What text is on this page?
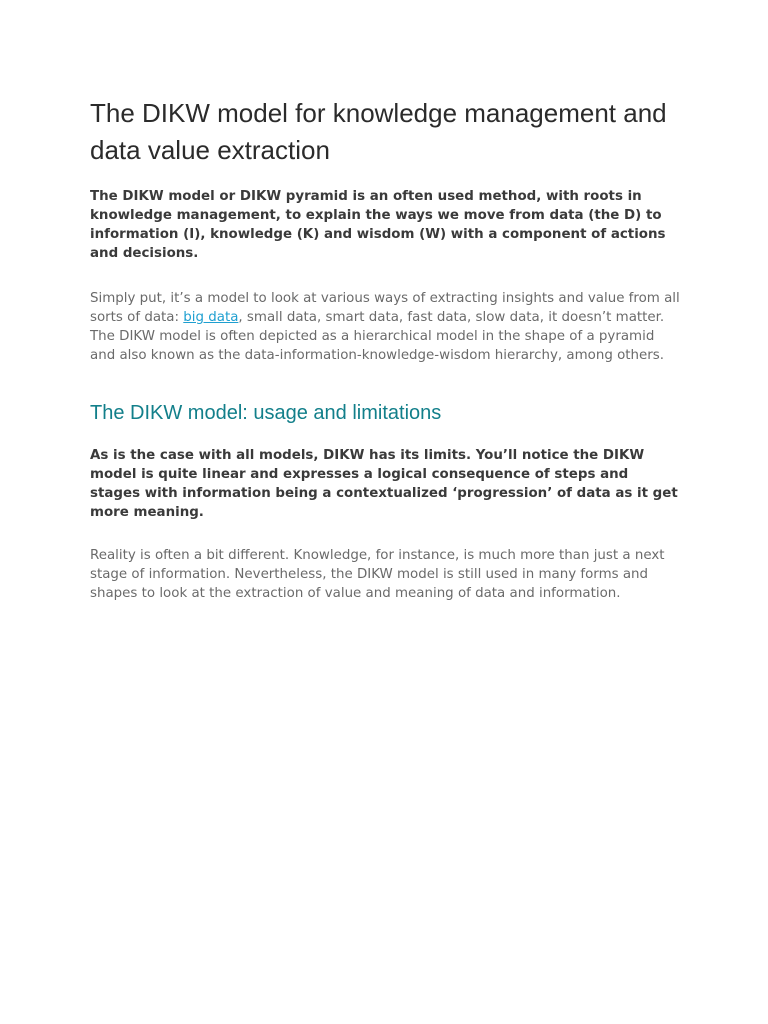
The DIKW model for knowledge management and data value extraction

The DIKW model or DIKW pyramid is an often used method, with roots in knowledge management, to explain the ways we move from data (the D) to information (I), knowledge (K) and wisdom (W) with a component of actions and decisions.

Simply put, it’s a model to look at various ways of extracting insights and value from all sorts of data: big data, small data, smart data, fast data, slow data, it doesn’t matter. The DIKW model is often depicted as a hierarchical model in the shape of a pyramid and also known as the data-information-knowledge-wisdom hierarchy, among others.

The DIKW model: usage and limitations

As is the case with all models, DIKW has its limits. You’ll notice the DIKW model is quite linear and expresses a logical consequence of steps and stages with information being a contextualized ‘progression’ of data as it get more meaning.

Reality is often a bit different. Knowledge, for instance, is much more than just a next stage of information. Nevertheless, the DIKW model is still used in many forms and shapes to look at the extraction of value and meaning of data and information.
